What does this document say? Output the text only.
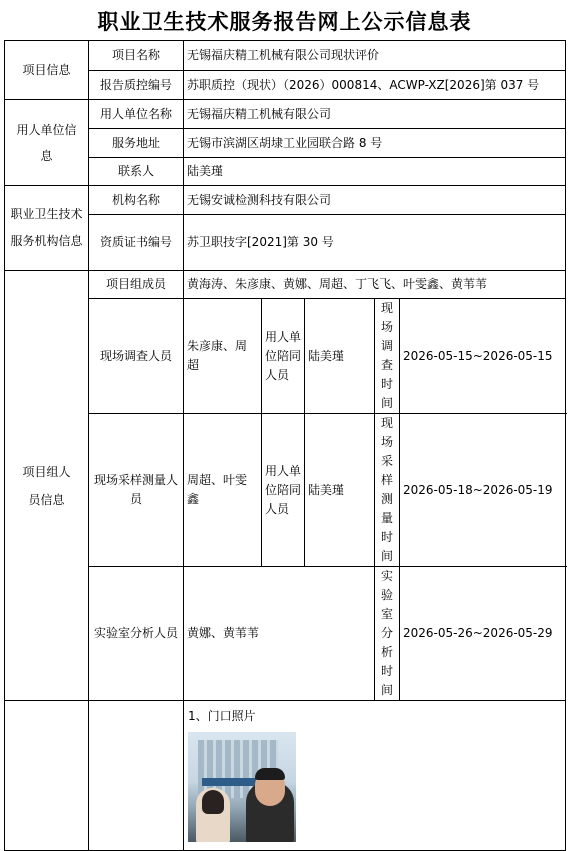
职业卫生技术服务报告网上公示信息表
项目信息	项目名称	无锡福庆精工机械有限公司现状评价				
	报告质控编号	苏职质控（现状）（2026）000814、ACWP-XZ[2026]第 037 号				
用人单位信息	用人单位名称	无锡福庆精工机械有限公司				
	服务地址	无锡市滨湖区胡埭工业园联合路 8 号				
	联系人	陆美瑾				
职业卫生技术服务机构信息	机构名称	无锡安诚检测科技有限公司				
	资质证书编号	苏卫职技字[2021]第 30 号				
项目组人员信息	项目组成员	黄海涛、朱彦康、黄娜、周超、丁飞飞、叶雯鑫、黄苇苇				
	现场调查人员	朱彦康、周超	用人单位陪同人员	陆美瑾	现场调查时间	2026-05-15~2026-05-15
	现场采样测量人员	周超、叶雯鑫	用人单位陪同人员	陆美瑾	现场采样测量时间	2026-05-18~2026-05-19
	实验室分析人员	黄娜、黄苇苇			实验室分析时间	2026-05-26~2026-05-29

		1、门口照片				
